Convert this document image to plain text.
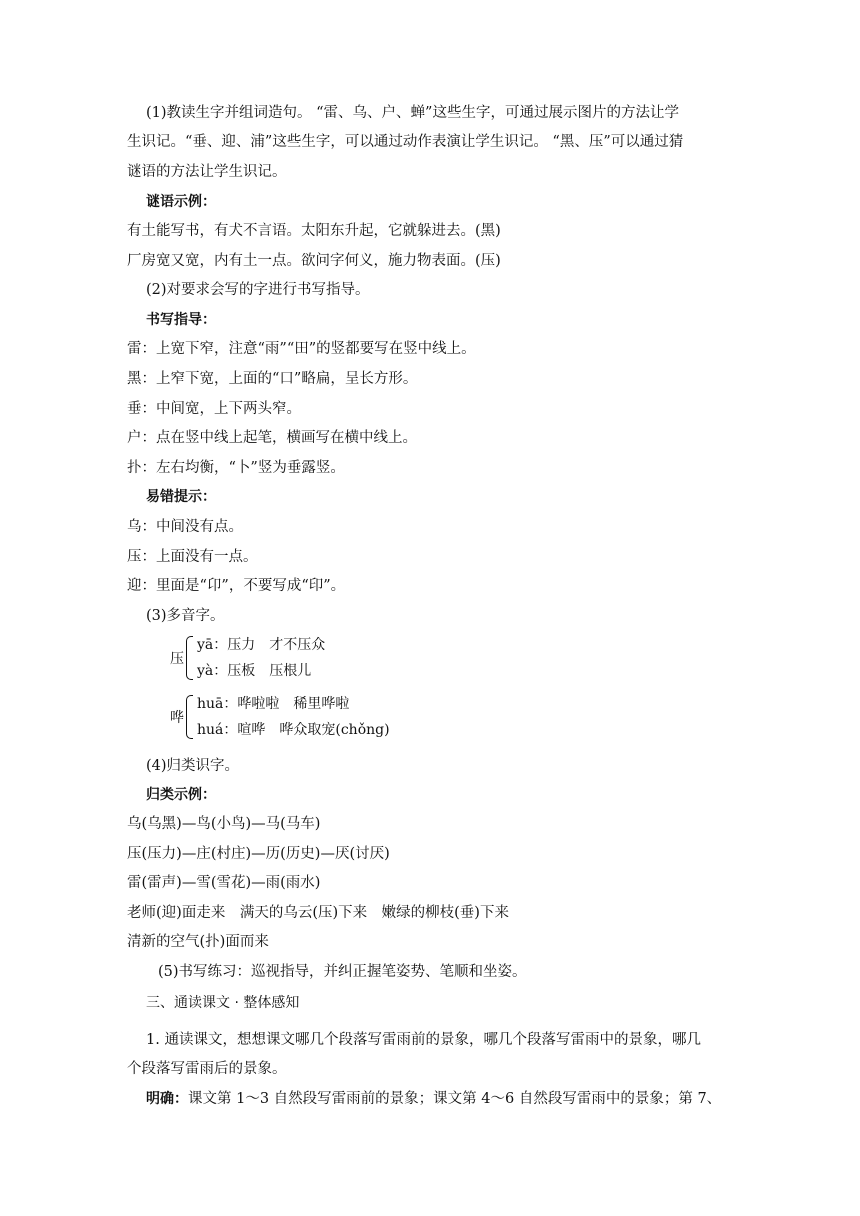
(1)教读生字并组词造句。 “雷、乌、户、蝉”这些生字，可通过展示图片的方法让学
生识记。“垂、迎、浦”这些生字，可以通过动作表演让学生识记。 “黑、压”可以通过猜
谜语的方法让学生识记。
谜语示例：
有土能写书，有犬不言语。太阳东升起，它就躲进去。(黑)
厂房宽又宽，内有土一点。欲问字何义，施力物表面。(压)
(2)对要求会写的字进行书写指导。
书写指导：
雷：上宽下窄，注意“雨”“田”的竖都要写在竖中线上。
黑：上窄下宽，上面的“口”略扁，呈长方形。
垂：中间宽，上下两头窄。
户：点在竖中线上起笔，横画写在横中线上。
扑：左右均衡，“卜”竖为垂露竖。
易错提示：
乌：中间没有点。
压：上面没有一点。
迎：里面是“卬”，不要写成“印”。
(3)多音字。
压
yā：压力　才不压众
yà：压板　压根儿
哗
huā：哗啦啦　稀里哗啦
huá：喧哗　哗众取宠(chǒng)
(4)归类识字。
归类示例：
乌(乌黑)—鸟(小鸟)—马(马车)
压(压力)—庄(村庄)—历(历史)—厌(讨厌)
雷(雷声)—雪(雪花)—雨(雨水)
老师(迎)面走来　满天的乌云(压)下来　嫩绿的柳枝(垂)下来
清新的空气(扑)面而来
(5)书写练习：巡视指导，并纠正握笔姿势、笔顺和坐姿。
三、通读课文 · 整体感知
1. 通读课文，想想课文哪几个段落写雷雨前的景象，哪几个段落写雷雨中的景象，哪几
个段落写雷雨后的景象。
明确：课文第 1～3 自然段写雷雨前的景象；课文第 4～6 自然段写雷雨中的景象；第 7、
